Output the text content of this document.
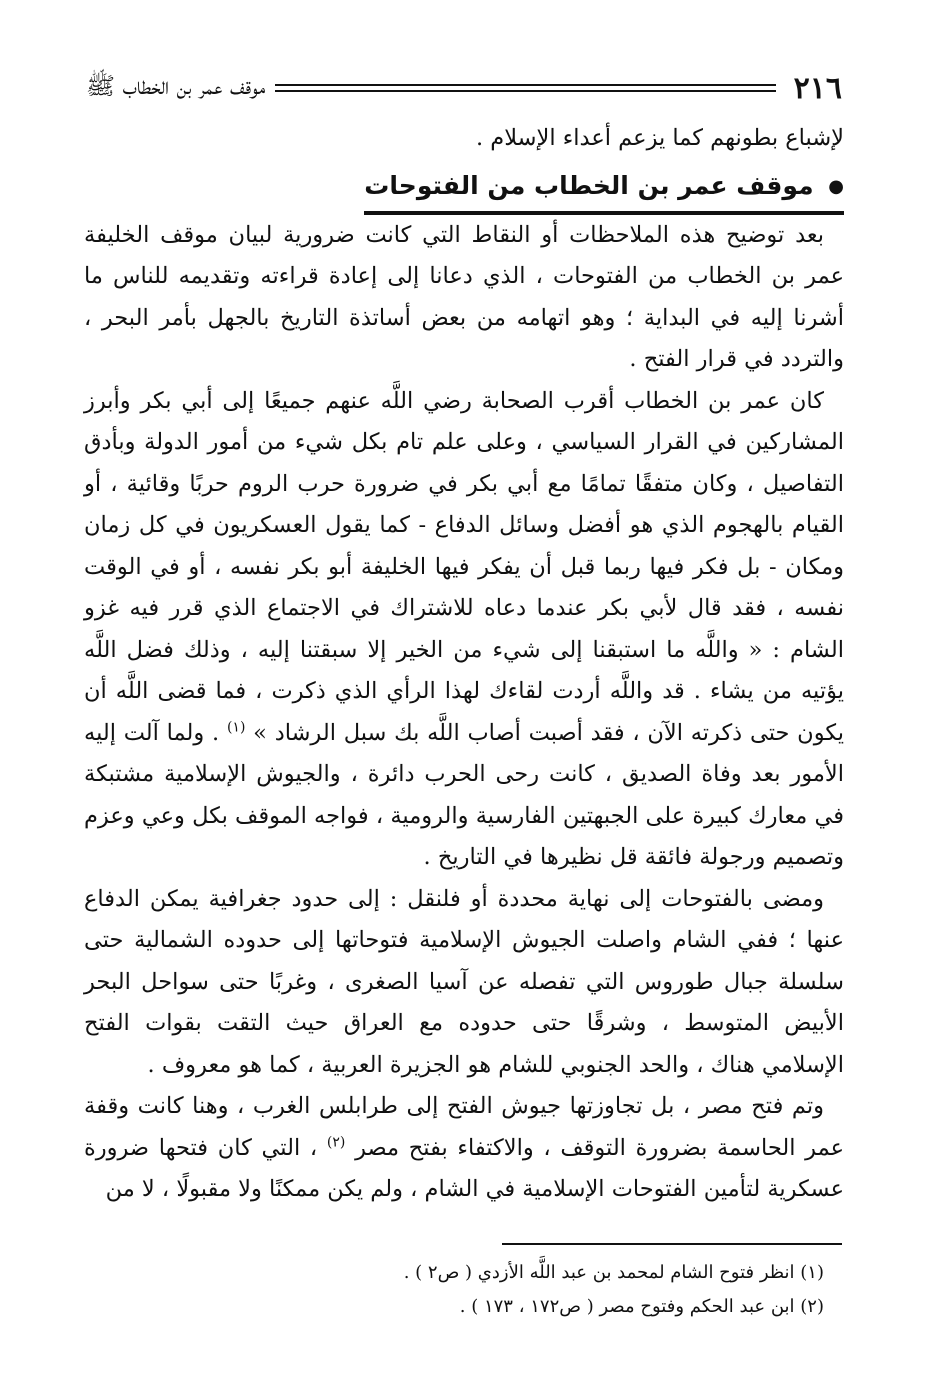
٢١٦
موقف عمر بن الخطاب ﷺ

لإشباع بطونهم كما يزعم أعداء الإسلام .

● موقف عمر بن الخطاب من الفتوحات

بعد توضيح هذه الملاحظات أو النقاط التي كانت ضرورية لبيان موقف الخليفة عمر بن الخطاب من الفتوحات ، الذي دعانا إلى إعادة قراءته وتقديمه للناس ما أشرنا إليه في البداية ؛ وهو اتهامه من بعض أساتذة التاريخ بالجهل بأمر البحر ، والتردد في قرار الفتح .

كان عمر بن الخطاب أقرب الصحابة رضي اللَّه عنهم جميعًا إلى أبي بكر وأبرز المشاركين في القرار السياسي ، وعلى علم تام بكل شيء من أمور الدولة وبأدق التفاصيل ، وكان متفقًا تمامًا مع أبي بكر في ضرورة حرب الروم حربًا وقائية ، أو القيام بالهجوم الذي هو أفضل وسائل الدفاع - كما يقول العسكريون في كل زمان ومكان - بل فكر فيها ربما قبل أن يفكر فيها الخليفة أبو بكر نفسه ، أو في الوقت نفسه ، فقد قال لأبي بكر عندما دعاه للاشتراك في الاجتماع الذي قرر فيه غزو الشام : « واللَّه ما استبقنا إلى شيء من الخير إلا سبقتنا إليه ، وذلك فضل اللَّه يؤتيه من يشاء . قد واللَّه أردت لقاءك لهذا الرأي الذي ذكرت ، فما قضى اللَّه أن يكون حتى ذكرته الآن ، فقد أصبت أصاب اللَّه بك سبل الرشاد » $^{(١)}$ . ولما آلت إليه الأمور بعد وفاة الصديق ، كانت رحى الحرب دائرة ، والجيوش الإسلامية مشتبكة في معارك كبيرة على الجبهتين الفارسية والرومية ، فواجه الموقف بكل وعي وعزم وتصميم ورجولة فائقة قل نظيرها في التاريخ .

ومضى بالفتوحات إلى نهاية محددة أو فلنقل : إلى حدود جغرافية يمكن الدفاع عنها ؛ ففي الشام واصلت الجيوش الإسلامية فتوحاتها إلى حدوده الشمالية حتى سلسلة جبال طوروس التي تفصله عن آسيا الصغرى ، وغربًا حتى سواحل البحر الأبيض المتوسط ، وشرقًا حتى حدوده مع العراق حيث التقت بقوات الفتح الإسلامي هناك ، والحد الجنوبي للشام هو الجزيرة العربية ، كما هو معروف .

وتم فتح مصر ، بل تجاوزتها جيوش الفتح إلى طرابلس الغرب ، وهنا كانت وقفة عمر الحاسمة بضرورة التوقف ، والاكتفاء بفتح مصر $^{(٢)}$ ، التي كان فتحها ضرورة عسكرية لتأمين الفتوحات الإسلامية في الشام ، ولم يكن ممكنًا ولا مقبولًا ، لا من

(١) انظر فتوح الشام لمحمد بن عبد اللَّه الأزدي ( ص٢ ) .

(٢) ابن عبد الحكم وفتوح مصر ( ص١٧٢ ، ١٧٣ ) .
